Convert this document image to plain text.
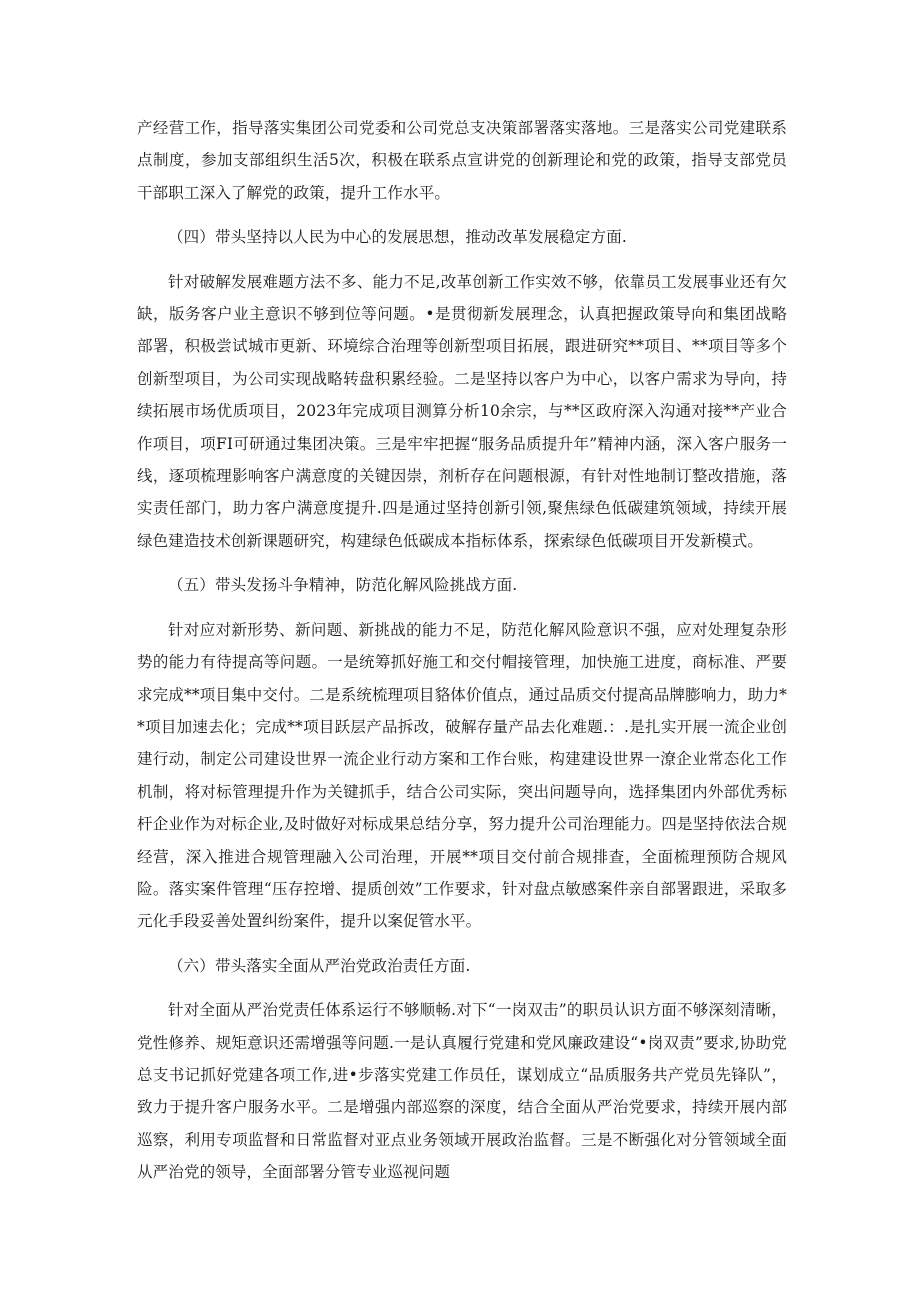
产经营工作，指导落实集团公司党委和公司党总支决策部署落实落地。三是落实公司党建联系点制度，参加支部组织生活5次，积极在联系点宣讲党的创新理论和党的政策，指导支部党员干部职工深入了解党的政策，提升工作水平。

（四）带头坚持以人民为中心的发展思想，推动改革发展稳定方面.

针对破解发展难题方法不多、能力不足,改革创新工作实效不够，依靠员工发展事业还有欠缺，版务客户业主意识不够到位等问题。•是贯彻新发展理念，认真把握政策导向和集团战略部署，积极尝试城市更新、环境综合治理等创新型项目拓展，跟进研究**项目、**项目等多个创新型项目，为公司实现战略转盘积累经验。二是坚持以客户为中心，以客户需求为导向，持续拓展市场优质项目，2023年完成项目测算分析10余宗，与**区政府深入沟通对接**产业合作项目，项FI可研通过集团决策。三是牢牢把握“服务品质提升年”精神内涵，深入客户服务一线，逐项梳理影响客户满意度的关键因崇，剂析存在问题根源，有针对性地制订整改措施，落实责任部门，助力客户满意度提升.四是通过坚持创新引领,聚焦绿色低碳建筑领域，持续开展绿色建造技术创新课题研究，构建绿色低碳成本指标体系，探索绿色低碳项目开发新模式。

（五）带头发扬斗争精神，防范化解风险挑战方面.

针对应对新形势、新问题、新挑战的能力不足，防范化解风险意识不强，应对处理复杂形势的能力有待提高等问题。一是统筹抓好施工和交付帽接管理，加快施工进度，商标准、严要求完成**项目集中交付。二是系统梳理项目貉体价值点，通过品质交付提高品牌膨响力，助力**项目加速去化；完成**项目跃层产品拆改，破解存量产品去化难题.：.是扎实开展一流企业创建行动，制定公司建设世界一流企业行动方案和工作台账，构建建设世界一潦企业常态化工作机制，将对标管理提升作为关键抓手，结合公司实际，突出问题导向，选择集团内外部优秀标杆企业作为对标企业,及时做好对标成果总结分享，努力提升公司治理能力。四是坚持依法合规经营，深入推进合规管理融入公司治理，开展**项目交付前合规排查，全面梳理预防合规风险。落实案件管理“压存控增、提质创效”工作要求，针对盘点敏感案件亲自部署跟进，采取多元化手段妥善处置纠纷案件，提升以案促管水平。

（六）带头落实全面从严治党政治责任方面.

针对全面从严治党责任体系运行不够顺畅.对下“一岗双击”的职员认识方面不够深刻清晰，党性修养、规矩意识还需增强等问题.一是认真履行党建和党风廉政建设“•岗双责”要求,协助党总支书记抓好党建各项工作,进•步落实党建工作员任，谋划成立“品质服务共产党员先锋队”，致力于提升客户服务水平。二是增强内部巡察的深度，结合全面从严治党要求，持续开展内部巡察，利用专项监督和日常监督对亚点业务领域开展政治监督。三是不断强化对分管领域全面从严治党的领导，全面部署分管专业巡视问题
